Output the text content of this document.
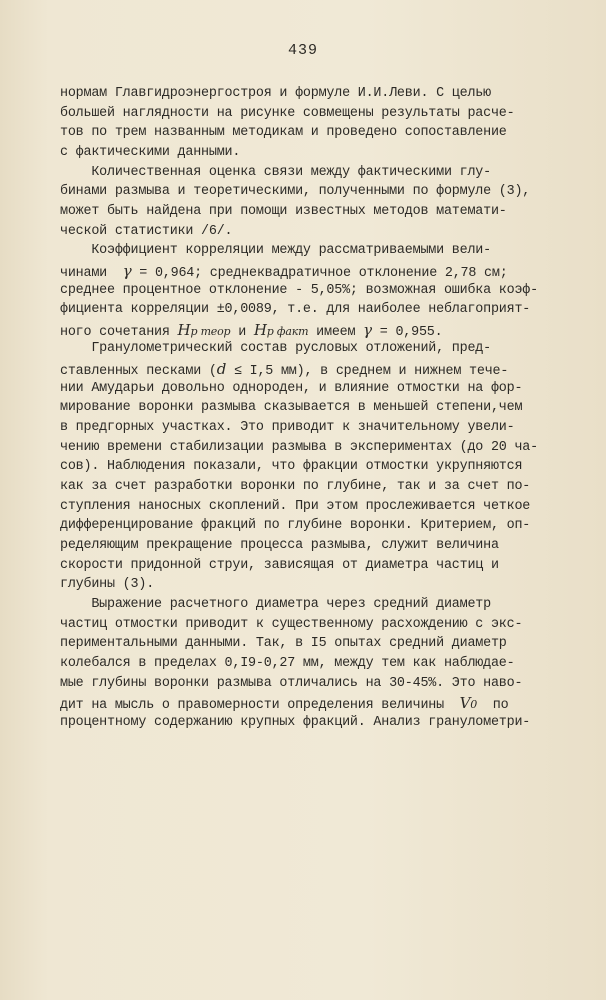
439
нормам Главгидроэнергостроя и формуле И.И.Леви. С целью
большей наглядности на рисунке совмещены результаты расче-
тов по трем названным методикам и проведено сопоставление
с фактическими данными.
Количественная оценка связи между фактическими глу-
бинами размыва и теоретическими, полученными по формуле (3),
может быть найдена при помощи известных методов математи-
ческой статистики /6/.
Коэффициент корреляции между рассматриваемыми вели-
чинами  γ = 0,964; среднеквадратичное отклонение 2,78 см;
среднее процентное отклонение - 5,05%; возможная ошибка коэф-
фициента корреляции ±0,0089, т.е. для наиболее неблагоприят-
ного сочетания Hр теор и Hр факт имеем γ = 0,955.
Гранулометрический состав русловых отложений, пред-
ставленных песками (d ≤ I,5 мм), в среднем и нижнем тече-
нии Амударьи довольно однороден, и влияние отмостки на фор-
мирование воронки размыва сказывается в меньшей степени,чем
в предгорных участках. Это приводит к значительному увели-
чению времени стабилизации размыва в экспериментах (до 20 ча-
сов). Наблюдения показали, что фракции отмостки укрупняются
как за счет разработки воронки по глубине, так и за счет по-
ступления наносных скоплений. При этом прослеживается четкое
дифференцирование фракций по глубине воронки. Критерием, оп-
ределяющим прекращение процесса размыва, служит величина
скорости придонной струи, зависящая от диаметра частиц и
глубины (3).
Выражение расчетного диаметра через средний диаметр
частиц отмостки приводит к существенному расхождению с экс-
периментальными данными. Так, в I5 опытах средний диаметр
колебался в пределах 0,I9-0,27 мм, между тем как наблюдае-
мые глубины воронки размыва отличались на 30-45%. Это наво-
дит на мысль о правомерности определения величины  V0  по
процентному содержанию крупных фракций. Анализ гранулометри-
